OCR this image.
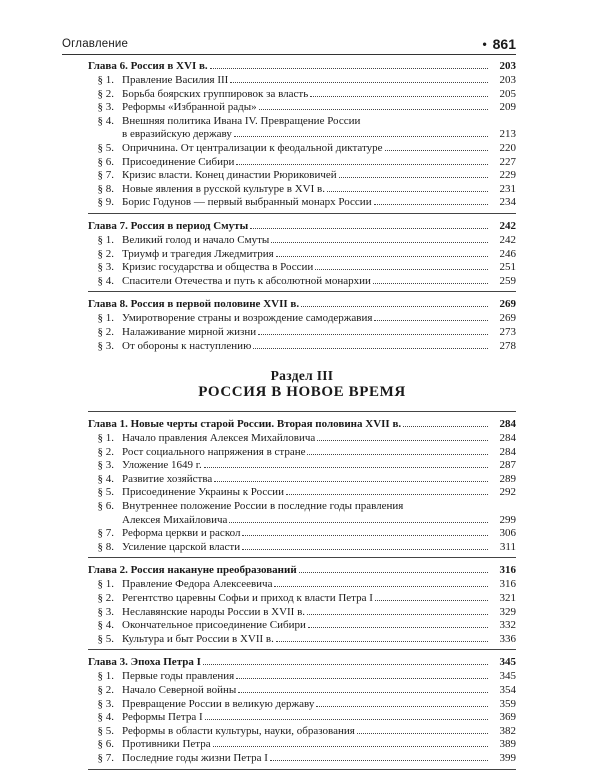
Оглавление	• 861
Глава 6. Россия в XVI в.	203
§ 1. Правление Василия III	203
§ 2. Борьба боярских группировок за власть	205
§ 3. Реформы «Избранной рады»	209
§ 4. Внешняя политика Ивана IV. Превращение России
в евразийскую державу	213
§ 5. Опричнина. От централизации к феодальной диктатуре	220
§ 6. Присоединение Сибири	227
§ 7. Кризис власти. Конец династии Рюриковичей	229
§ 8. Новые явления в русской культуре в XVI в.	231
§ 9. Борис Годунов — первый выбранный монарх России	234
Глава 7. Россия в период Смуты	242
§ 1. Великий голод и начало Смуты	242
§ 2. Триумф и трагедия Лжедмитрия	246
§ 3. Кризис государства и общества в России	251
§ 4. Спасители Отечества и путь к абсолютной монархии	259
Глава 8. Россия в первой половине XVII в.	269
§ 1. Умиротворение страны и возрождение самодержавия	269
§ 2. Налаживание мирной жизни	273
§ 3. От обороны к наступлению	278
Раздел III
РОССИЯ В НОВОЕ ВРЕМЯ
Глава 1. Новые черты старой России. Вторая половина XVII в.	284
§ 1. Начало правления Алексея Михайловича	284
§ 2. Рост социального напряжения в стране	284
§ 3. Уложение 1649 г.	287
§ 4. Развитие хозяйства	289
§ 5. Присоединение Украины к России	292
§ 6. Внутреннее положение России в последние годы правления
Алексея Михайловича	299
§ 7. Реформа церкви и раскол	306
§ 8. Усиление царской власти	311
Глава 2. Россия накануне преобразований	316
§ 1. Правление Федора Алексеевича	316
§ 2. Регентство царевны Софьи и приход к власти Петра I	321
§ 3. Неславянские народы России в XVII в.	329
§ 4. Окончательное присоединение Сибири	332
§ 5. Культура и быт России в XVII в.	336
Глава 3. Эпоха Петра I	345
§ 1. Первые годы правления	345
§ 2. Начало Северной войны	354
§ 3. Превращение России в великую державу	359
§ 4. Реформы Петра I	369
§ 5. Реформы в области культуры, науки, образования	382
§ 6. Противники Петра	389
§ 7. Последние годы жизни Петра I	399
